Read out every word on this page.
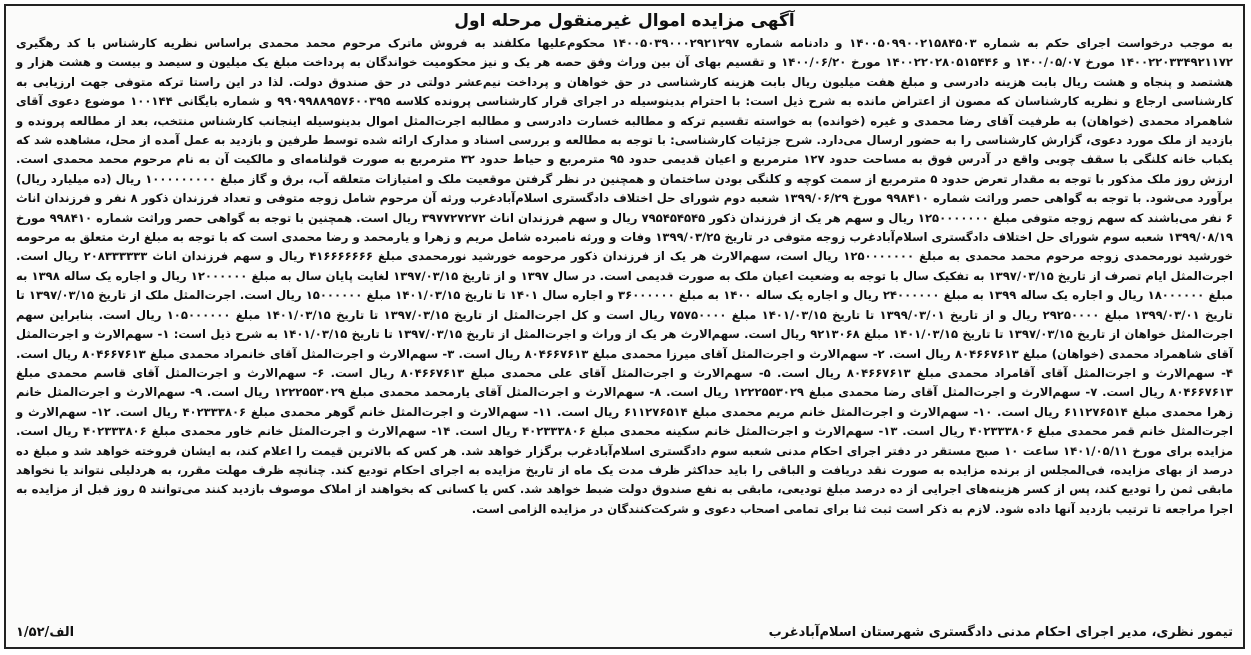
آگهی مزایده اموال غیرمنقول مرحله اول

به موجب درخواست اجرای حکم به شماره ۱۴۰۰۵۰۹۹۰۰۲۱۵۸۴۵۰۳ و دادنامه شماره ۱۴۰۰۵۰۳۹۰۰۰۲۹۲۱۲۹۷ محکوم‌علیها مکلفند به فروش ماترک مرحوم محمد محمدی براساس نظریه کارشناس با کد رهگیری ۱۴۰۰۲۲۰۳۳۴۹۲۱۱۷۲ مورخ ۱۴۰۰/۰۵/۰۷ و ۱۴۰۰۲۲۰۲۸۰۵۱۵۴۴۶ مورخ ۱۴۰۰/۰۶/۲۰ و تقسیم بهای آن بین وراث وفق حصه هر یک و نیز محکومیت خواندگان به پرداخت مبلغ یک میلیون و سیصد و بیست و هشت هزار و هشتصد و پنجاه و هشت ریال بابت هزینه دادرسی و مبلغ هفت میلیون ریال بابت هزینه کارشناسی در حق خواهان و پرداخت نیم‌عشر دولتی در حق صندوق دولت. لذا در این راستا ترکه متوفی جهت ارزیابی به کارشناسی ارجاع و نظریه کارشناسان که مصون از اعتراض مانده به شرح ذیل است: با احترام بدینوسیله در اجرای قرار کارشناسی پرونده کلاسه ۹۹۰۹۹۸۸۹۵۷۶۰۰۳۹۵ و شماره بایگانی ۱۰۰۱۴۴ موضوع دعوی آقای شاهمراد محمدی (خواهان) به طرفیت آقای رضا محمدی و غیره (خوانده) به خواسته تقسیم ترکه و مطالبه خسارت دادرسی و مطالبه اجرت‌المثل اموال بدینوسیله اینجانب کارشناس منتخب، بعد از مطالعه پرونده و بازدید از ملک مورد دعوی، گزارش کارشناسی را به حضور ارسال می‌دارد. شرح جزئیات کارشناسی: با توجه به مطالعه و بررسی اسناد و مدارک ارائه شده توسط طرفین و بازدید به عمل آمده از محل، مشاهده شد که یکباب خانه کلنگی با سقف چوبی واقع در آدرس فوق به مساحت حدود ۱۲۷ مترمربع و اعیان قدیمی حدود ۹۵ مترمربع و حیاط حدود ۳۲ مترمربع به صورت قولنامه‌ای و مالکیت آن به نام مرحوم محمد محمدی است. ارزش روز ملک مذکور با توجه به مقدار تعرض حدود ۵ مترمربع از سمت کوچه و کلنگی بودن ساختمان و همچنین در نظر گرفتن موقعیت ملک و امتیازات متعلقه آب، برق و گاز مبلغ ۱۰۰۰۰۰۰۰۰۰ ریال (ده میلیارد ریال) برآورد می‌شود. با توجه به گواهی حصر وراثت شماره ۹۹۸۴۱۰ مورخ ۱۳۹۹/۰۶/۲۹ شعبه دوم شورای حل اختلاف دادگستری اسلام‌آبادغرب ورثه آن مرحوم شامل زوجه متوفی و تعداد فرزندان ذکور ۸ نفر و فرزندان اناث ۶ نفر می‌باشند که سهم زوجه متوفی مبلغ ۱۲۵۰۰۰۰۰۰۰ ریال و سهم هر یک از فرزندان ذکور ۷۹۵۴۵۴۵۴۵ ریال و سهم فرزندان اناث ۳۹۷۷۲۷۲۷۲ ریال است. همچنین با توجه به گواهی حصر وراثت شماره ۹۹۸۴۱۰ مورخ ۱۳۹۹/۰۸/۱۹ شعبه سوم شورای حل اختلاف دادگستری اسلام‌آبادغرب زوجه متوفی در تاریخ ۱۳۹۹/۰۳/۲۵ وفات و ورثه نامبرده شامل مریم و زهرا و یارمحمد و رضا محمدی است که با توجه به مبلغ ارث متعلق به مرحومه خورشید نورمحمدی زوجه مرحوم محمد محمدی به مبلغ ۱۲۵۰۰۰۰۰۰۰ ریال است، سهم‌الارث هر یک از فرزندان ذکور مرحومه خورشید نورمحمدی مبلغ ۴۱۶۶۶۶۶۶۶ ریال و سهم فرزندان اناث ۲۰۸۳۳۳۳۳۳ ریال است. اجرت‌المثل ایام تصرف از تاریخ ۱۳۹۷/۰۳/۱۵ به تفکیک سال با توجه به وضعیت اعیان ملک به صورت قدیمی است. در سال ۱۳۹۷ و از تاریخ ۱۳۹۷/۰۳/۱۵ لغایت پایان سال به مبلغ ۱۲۰۰۰۰۰۰ ریال و اجاره یک ساله ۱۳۹۸ به مبلغ ۱۸۰۰۰۰۰۰ ریال و اجاره یک ساله ۱۳۹۹ به مبلغ ۲۴۰۰۰۰۰۰ ریال و اجاره یک ساله ۱۴۰۰ به مبلغ ۳۶۰۰۰۰۰۰ و اجاره سال ۱۴۰۱ تا تاریخ ۱۴۰۱/۰۳/۱۵ مبلغ ۱۵۰۰۰۰۰۰ ریال است. اجرت‌المثل ملک از تاریخ ۱۳۹۷/۰۳/۱۵ تا تاریخ ۱۳۹۹/۰۳/۰۱ مبلغ ۲۹۲۵۰۰۰۰ ریال و از تاریخ ۱۳۹۹/۰۳/۰۱ تا تاریخ ۱۴۰۱/۰۳/۱۵ مبلغ ۷۵۷۵۰۰۰۰ ریال است و کل اجرت‌المثل از تاریخ ۱۳۹۷/۰۳/۱۵ تا تاریخ ۱۴۰۱/۰۳/۱۵ مبلغ ۱۰۵۰۰۰۰۰۰ ریال است. بنابراین سهم اجرت‌المثل خواهان از تاریخ ۱۳۹۷/۰۳/۱۵ تا تاریخ ۱۴۰۱/۰۳/۱۵ مبلغ ۹۲۱۳۰۶۸ ریال است. سهم‌الارث هر یک از وراث و اجرت‌المثل از تاریخ ۱۳۹۷/۰۳/۱۵ تا تاریخ ۱۴۰۱/۰۳/۱۵ به شرح ذیل است: ۱- سهم‌الارث و اجرت‌المثل آقای شاهمراد محمدی (خواهان) مبلغ ۸۰۴۶۶۷۶۱۳ ریال است. ۲- سهم‌الارث و اجرت‌المثل آقای میرزا محمدی مبلغ ۸۰۴۶۶۷۶۱۳ ریال است. ۳- سهم‌الارث و اجرت‌المثل آقای خانمراد محمدی مبلغ ۸۰۴۶۶۷۶۱۳ ریال است. ۴- سهم‌الارث و اجرت‌المثل آقای آقامراد محمدی مبلغ ۸۰۴۶۶۷۶۱۳ ریال است. ۵- سهم‌الارث و اجرت‌المثل آقای علی محمدی مبلغ ۸۰۴۶۶۷۶۱۳ ریال است. ۶- سهم‌الارث و اجرت‌المثل آقای قاسم محمدی مبلغ ۸۰۴۶۶۷۶۱۳ ریال است. ۷- سهم‌الارث و اجرت‌المثل آقای رضا محمدی مبلغ ۱۲۲۲۵۵۳۰۲۹ ریال است. ۸- سهم‌الارث و اجرت‌المثل آقای یارمحمد محمدی مبلغ ۱۲۲۲۵۵۳۰۲۹ ریال است. ۹- سهم‌الارث و اجرت‌المثل خانم زهرا محمدی مبلغ ۶۱۱۲۷۶۵۱۴ ریال است. ۱۰- سهم‌الارث و اجرت‌المثل خانم مریم محمدی مبلغ ۶۱۱۲۷۶۵۱۴ ریال است. ۱۱- سهم‌الارث و اجرت‌المثل خانم گوهر محمدی مبلغ ۴۰۲۳۳۳۸۰۶ ریال است. ۱۲- سهم‌الارث و اجرت‌المثل خانم قمر محمدی مبلغ ۴۰۲۳۳۳۸۰۶ ریال است. ۱۳- سهم‌الارث و اجرت‌المثل خانم سکینه محمدی مبلغ ۴۰۲۳۳۳۸۰۶ ریال است. ۱۴- سهم‌الارث و اجرت‌المثل خانم خاور محمدی مبلغ ۴۰۲۳۳۳۸۰۶ ریال است. مزایده برای مورخ ۱۴۰۱/۰۵/۱۱ ساعت ۱۰ صبح مستقر در دفتر اجرای احکام مدنی شعبه سوم دادگستری اسلام‌آبادغرب برگزار خواهد شد. هر کس که بالاترین قیمت را اعلام کند، به ایشان فروخته خواهد شد و مبلغ ده درصد از بهای مزایده، فی‌المجلس از برنده مزایده به صورت نقد دریافت و الباقی را باید حداکثر ظرف مدت یک ماه از تاریخ مزایده به اجرای احکام تودیع کند. چنانچه ظرف مهلت مقرر، به هردلیلی نتواند یا نخواهد مابقی ثمن را تودیع کند، پس از کسر هزینه‌های اجرایی از ده درصد مبلغ تودیعی، مابقی به نفع صندوق دولت ضبط خواهد شد. کس یا کسانی که بخواهند از املاک موصوف بازدید کنند می‌توانند ۵ روز قبل از مزایده به اجرا مراجعه تا ترتیب بازدید آنها داده شود. لازم به ذکر است ثبت ثنا برای تمامی اصحاب دعوی و شرکت‌کنندگان در مزایده الزامی است.

تیمور نظری، مدیر اجرای احکام مدنی دادگستری شهرستان اسلام‌آبادغرب
۱/۵۲/الف
